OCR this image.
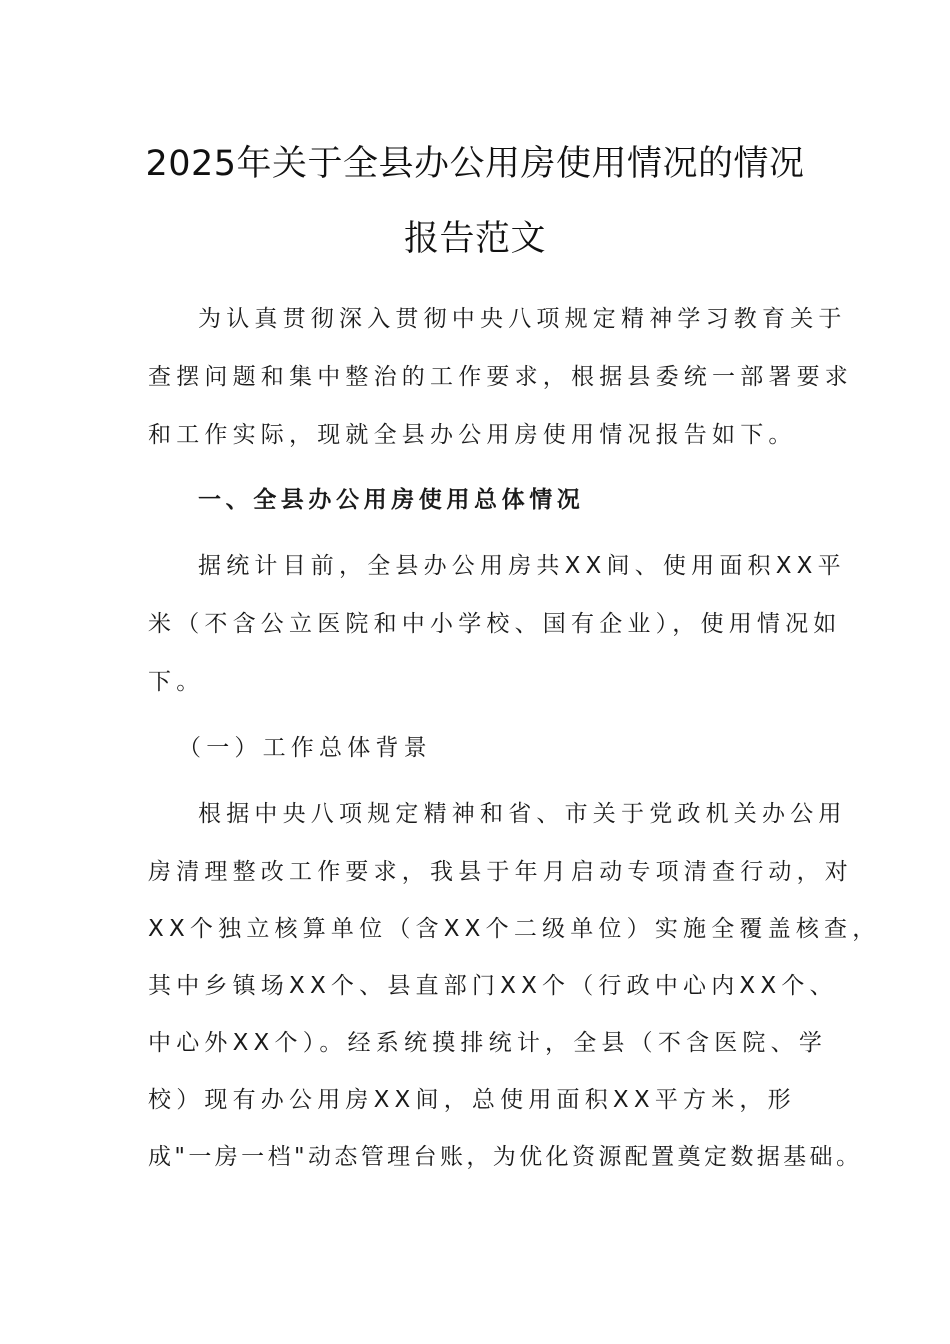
2025年关于全县办公用房使用情况的情况
报告范文
为认真贯彻深入贯彻中央八项规定精神学习教育关于
查摆问题和集中整治的工作要求，根据县委统一部署要求
和工作实际，现就全县办公用房使用情况报告如下。
一、全县办公用房使用总体情况
据统计目前，全县办公用房共XX间、使用面积XX平
米（不含公立医院和中小学校、国有企业），使用情况如
下。
（一）工作总体背景
根据中央八项规定精神和省、市关于党政机关办公用
房清理整改工作要求，我县于年月启动专项清查行动，对
XX个独立核算单位（含XX个二级单位）实施全覆盖核查，
其中乡镇场XX个、县直部门XX个（行政中心内XX个、
中心外XX个）。经系统摸排统计，全县（不含医院、学
校）现有办公用房XX间，总使用面积XX平方米，形
成"一房一档"动态管理台账，为优化资源配置奠定数据基础。
